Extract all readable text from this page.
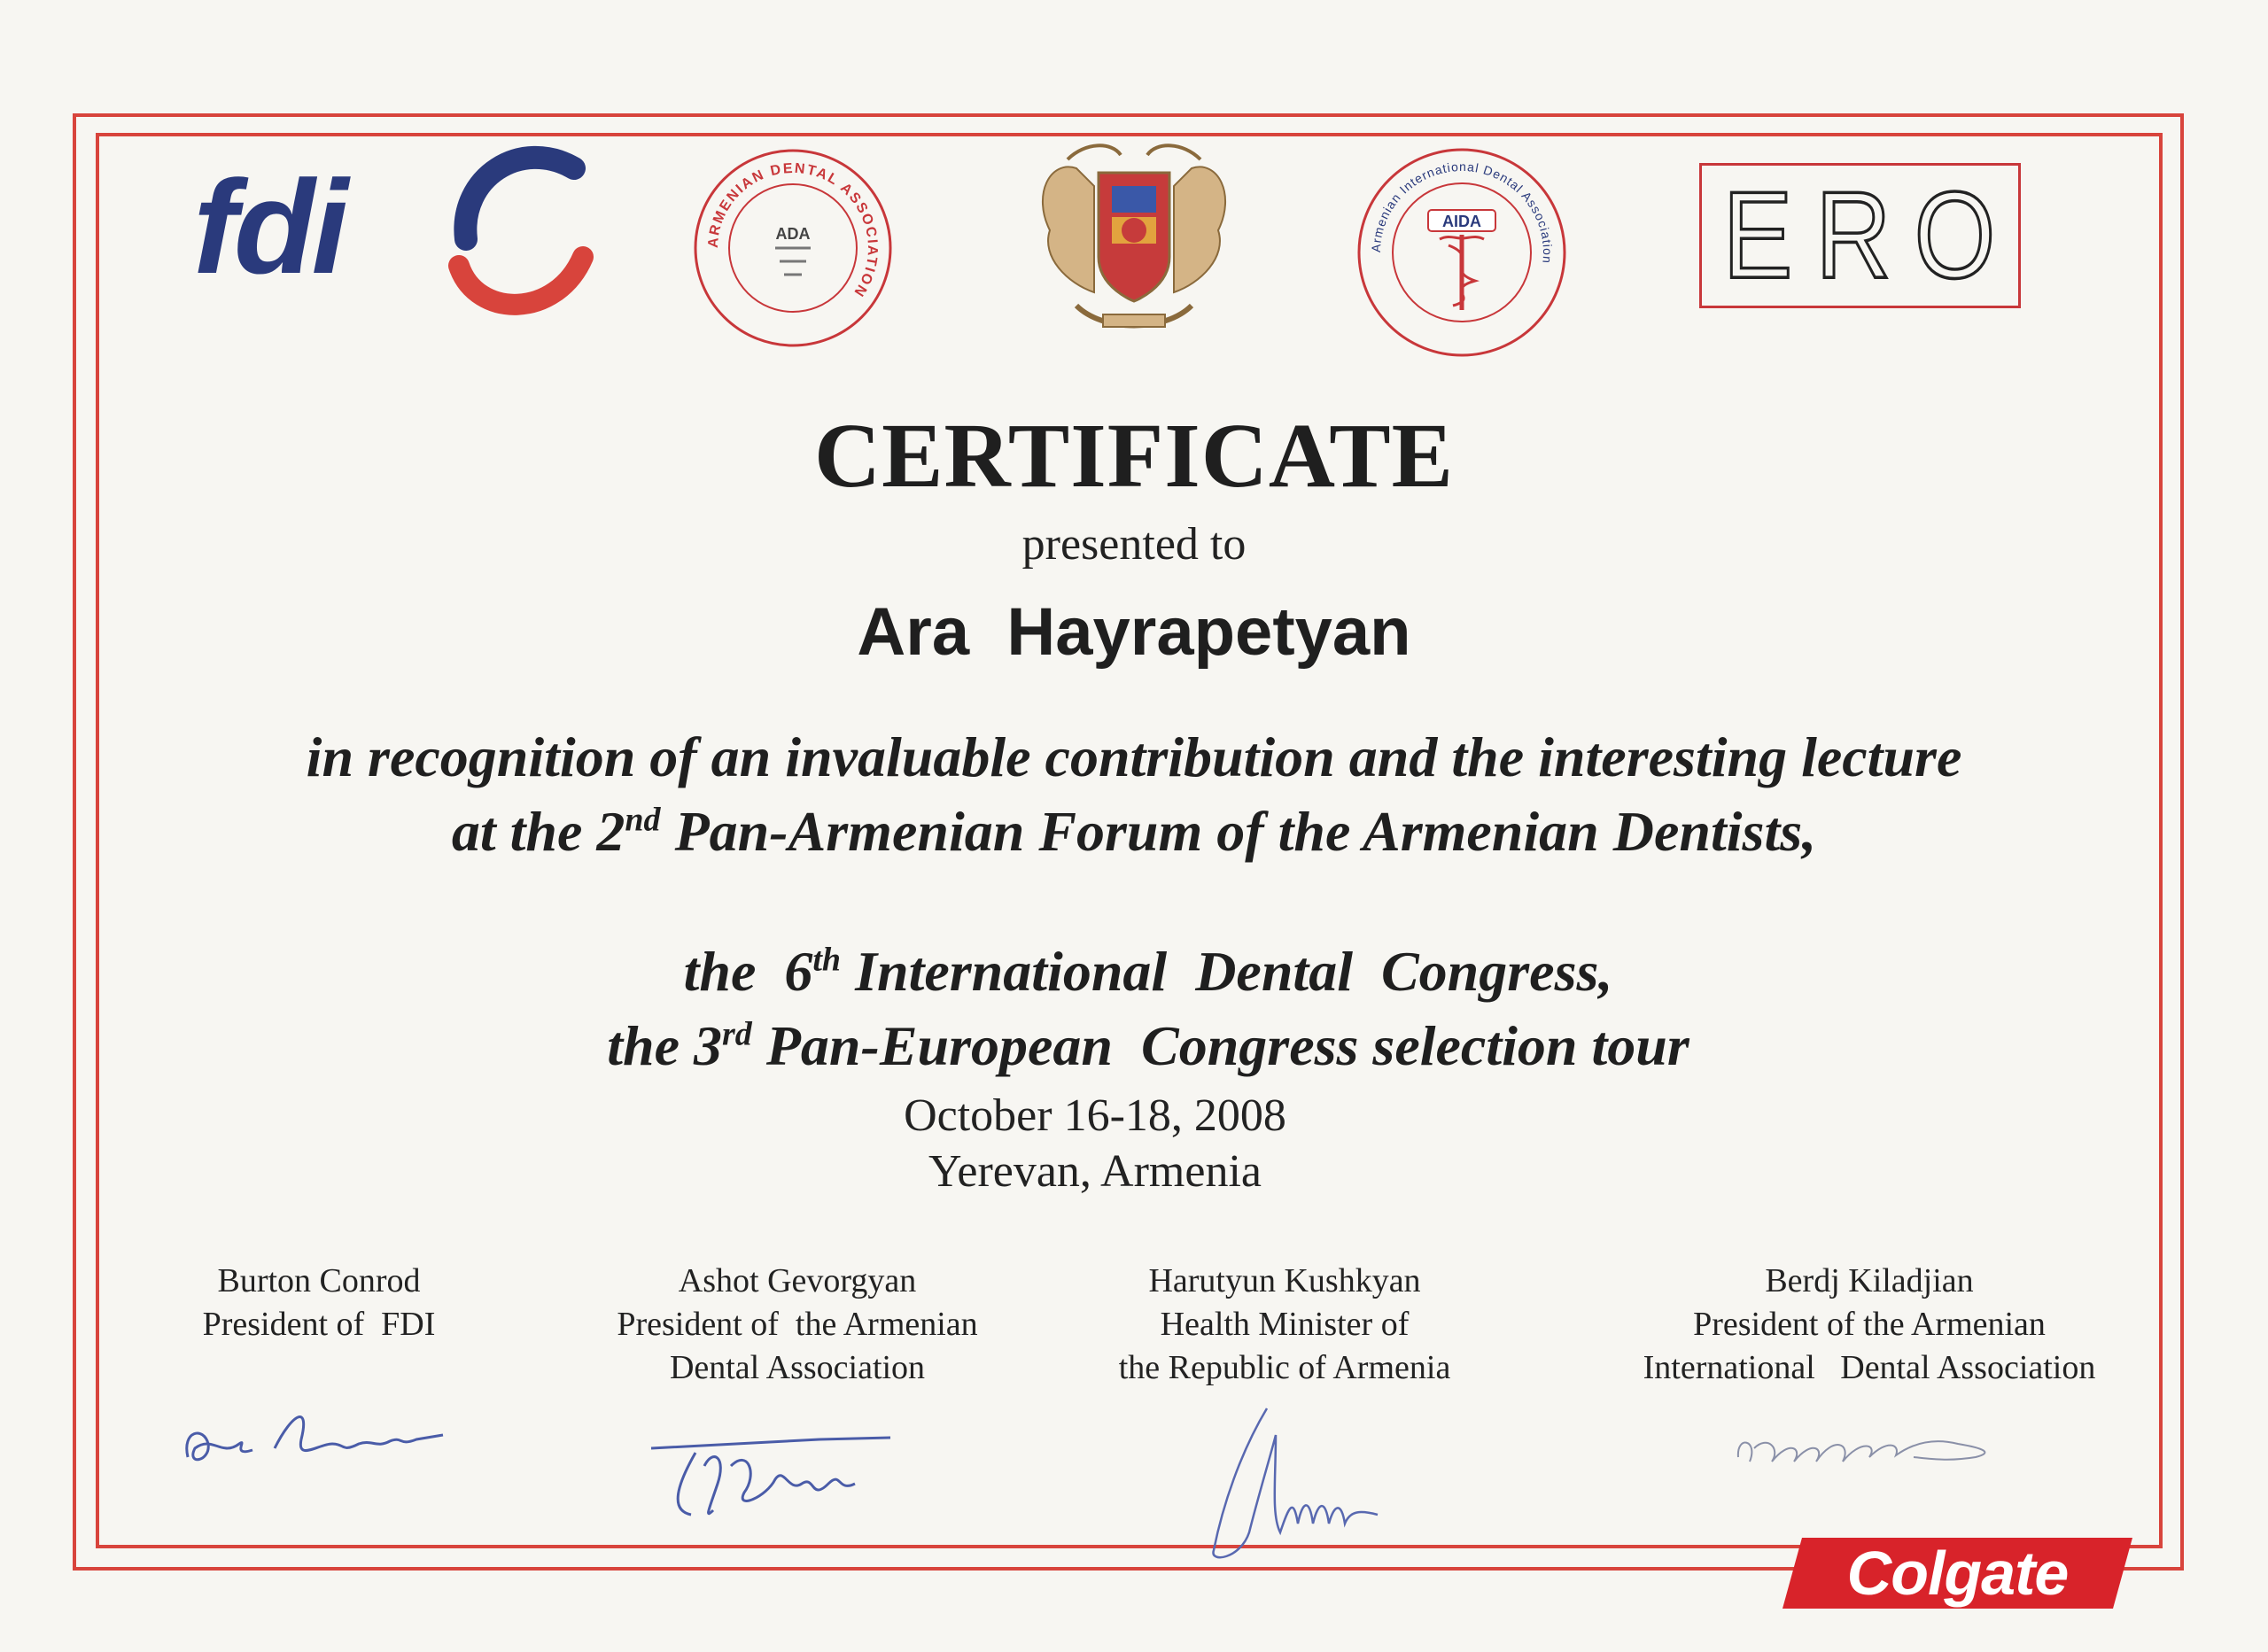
fdi	ARMENIAN DENTAL ASSOCIATION
ADA
Armenian International Dental Association
AIDA ERO
CERTIFICATE
presented to
Ara  Hayrapetyan
in recognition of an invaluable contribution and the interesting lecture
at the 2nd Pan-Armenian Forum of the Armenian Dentists,

the  6th International  Dental  Congress,

the 3rd Pan-European  Congress selection tour

October 16-18, 2008
Yerevan, Armenia
Burton Conrod
President of  FDI
Ashot Gevorgyan
President of  the Armenian
Dental Association
Harutyun Kushkyan
Health Minister of
the Republic of Armenia
Berdj Kiladjian
President of the Armenian
International   Dental Association
Colgate
